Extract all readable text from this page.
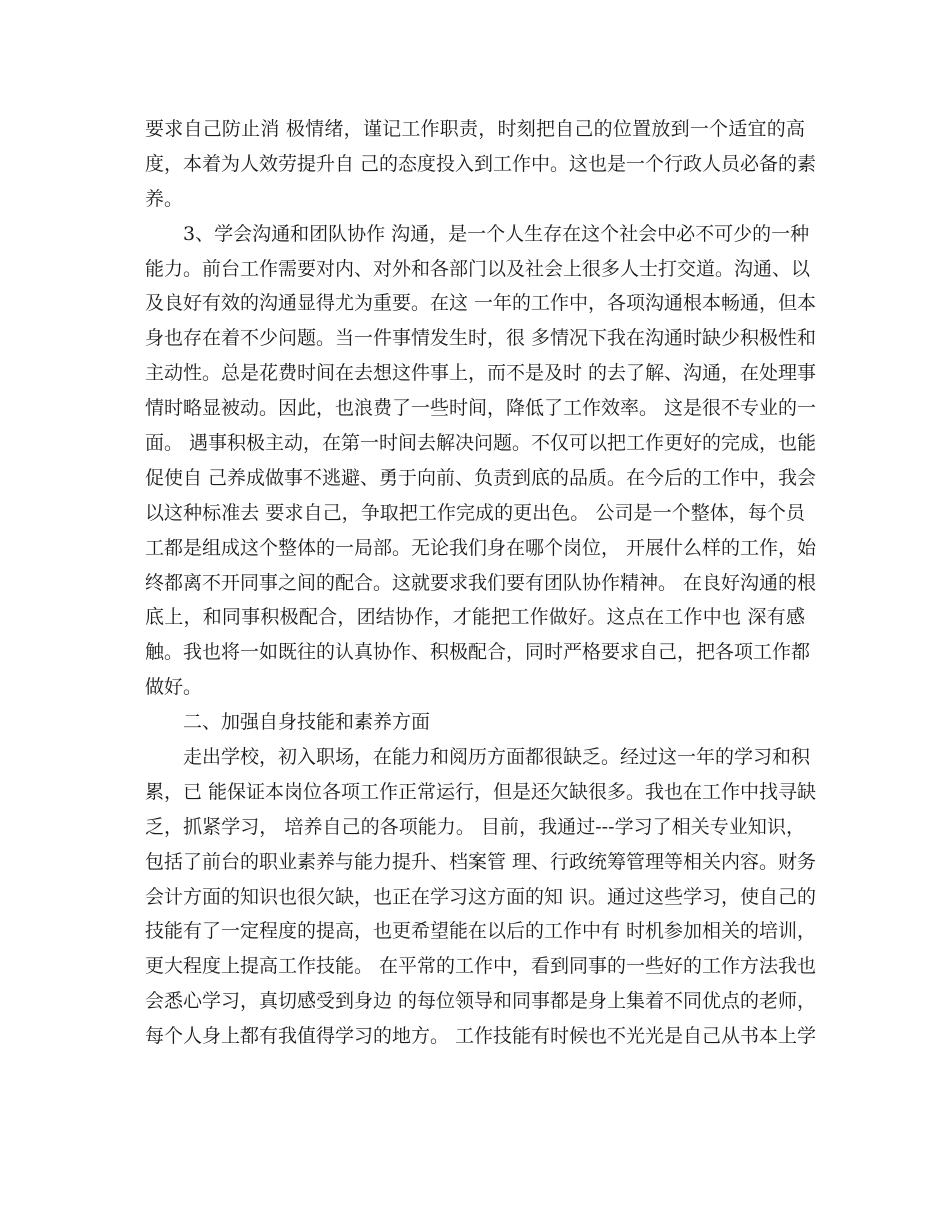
要求自己防止消 极情绪，谨记工作职责，时刻把自己的位置放到一个适宜的高
度，本着为人效劳提升自 己的态度投入到工作中。这也是一个行政人员必备的素
养。
3、学会沟通和团队协作 沟通，是一个人生存在这个社会中必不可少的一种
能力。前台工作需要对内、对外和各部门以及社会上很多人士打交道。沟通、以
及良好有效的沟通显得尤为重要。在这 一年的工作中，各项沟通根本畅通，但本
身也存在着不少问题。当一件事情发生时，很 多情况下我在沟通时缺少积极性和
主动性。总是花费时间在去想这件事上，而不是及时 的去了解、沟通，在处理事
情时略显被动。因此，也浪费了一些时间，降低了工作效率。 这是很不专业的一
面。 遇事积极主动，在第一时间去解决问题。不仅可以把工作更好的完成，也能
促使自 己养成做事不逃避、勇于向前、负责到底的品质。在今后的工作中，我会
以这种标准去 要求自己，争取把工作完成的更出色。 公司是一个整体，每个员
工都是组成这个整体的一局部。无论我们身在哪个岗位， 开展什么样的工作，始
终都离不开同事之间的配合。这就要求我们要有团队协作精神。 在良好沟通的根
底上，和同事积极配合，团结协作，才能把工作做好。这点在工作中也 深有感
触。我也将一如既往的认真协作、积极配合，同时严格要求自己，把各项工作都
做好。
二、加强自身技能和素养方面
走出学校，初入职场，在能力和阅历方面都很缺乏。经过这一年的学习和积
累，已 能保证本岗位各项工作正常运行，但是还欠缺很多。我也在工作中找寻缺
乏，抓紧学习， 培养自己的各项能力。 目前，我通过---学习了相关专业知识，
包括了前台的职业素养与能力提升、档案管 理、行政统筹管理等相关内容。财务
会计方面的知识也很欠缺，也正在学习这方面的知 识。通过这些学习，使自己的
技能有了一定程度的提高，也更希望能在以后的工作中有 时机参加相关的培训，
更大程度上提高工作技能。 在平常的工作中，看到同事的一些好的工作方法我也
会悉心学习，真切感受到身边 的每位领导和同事都是身上集着不同优点的老师，
每个人身上都有我值得学习的地方。 工作技能有时候也不光光是自己从书本上学
